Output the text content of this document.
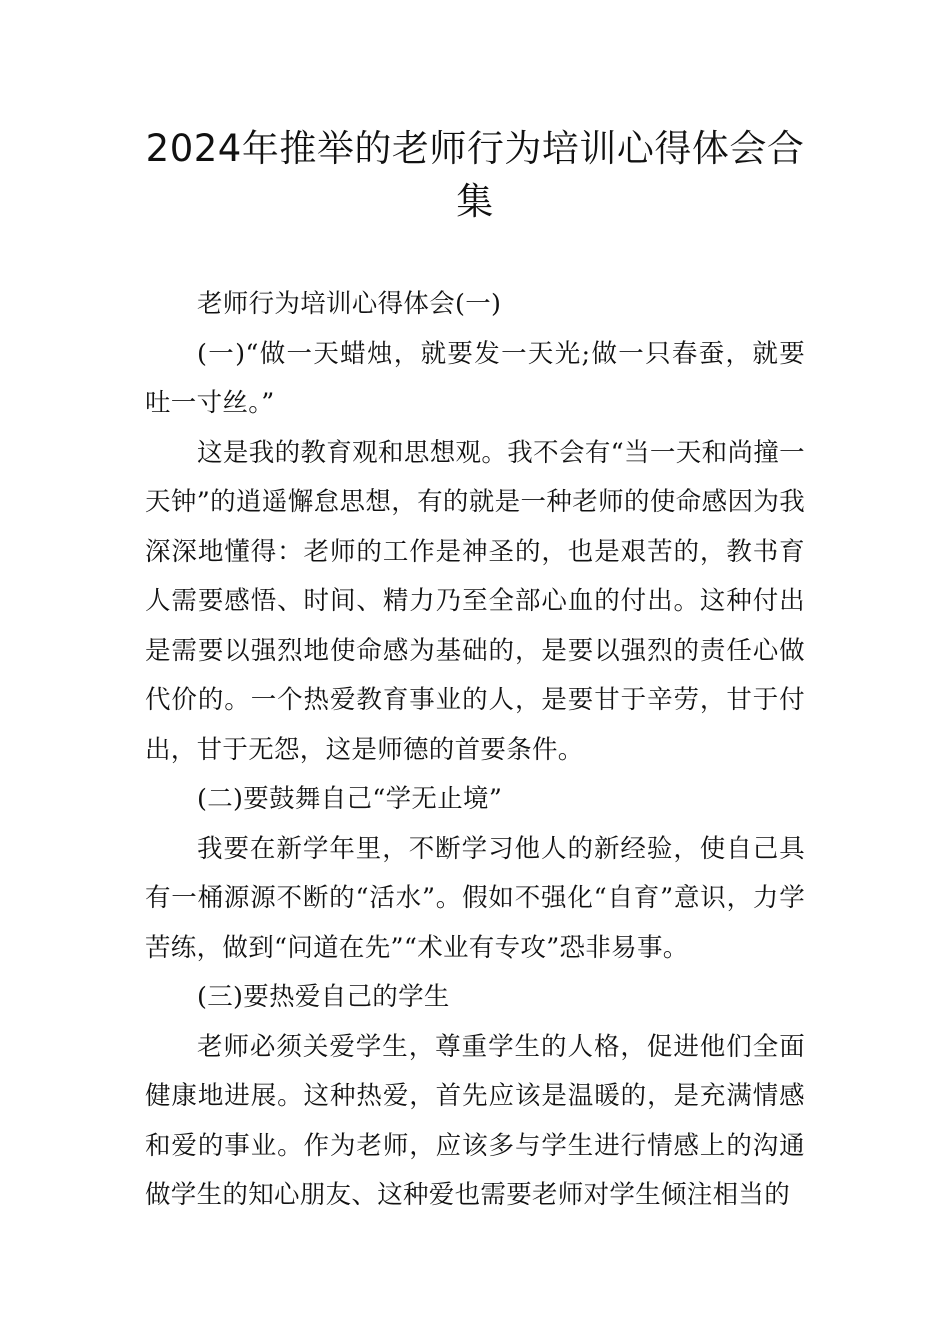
2024年推举的老师行为培训心得体会合集

老师行为培训心得体会(一)

(一)“做一天蜡烛，就要发一天光;做一只春蚕，就要吐一寸丝。”

这是我的教育观和思想观。我不会有“当一天和尚撞一天钟”的逍遥懈怠思想，有的就是一种老师的使命感因为我深深地懂得：老师的工作是神圣的，也是艰苦的，教书育人需要感悟、时间、精力乃至全部心血的付出。这种付出是需要以强烈地使命感为基础的，是要以强烈的责任心做代价的。一个热爱教育事业的人，是要甘于辛劳，甘于付出，甘于无怨，这是师德的首要条件。

(二)要鼓舞自己“学无止境”

我要在新学年里，不断学习他人的新经验，使自己具有一桶源源不断的“活水”。假如不强化“自育”意识，力学苦练，做到“问道在先”“术业有专攻”恐非易事。

(三)要热爱自己的学生

老师必须关爱学生，尊重学生的人格，促进他们全面健康地进展。这种热爱，首先应该是温暖的，是充满情感和爱的事业。作为老师，应该多与学生进行情感上的沟通做学生的知心朋友、这种爱也需要老师对学生倾注相当的
